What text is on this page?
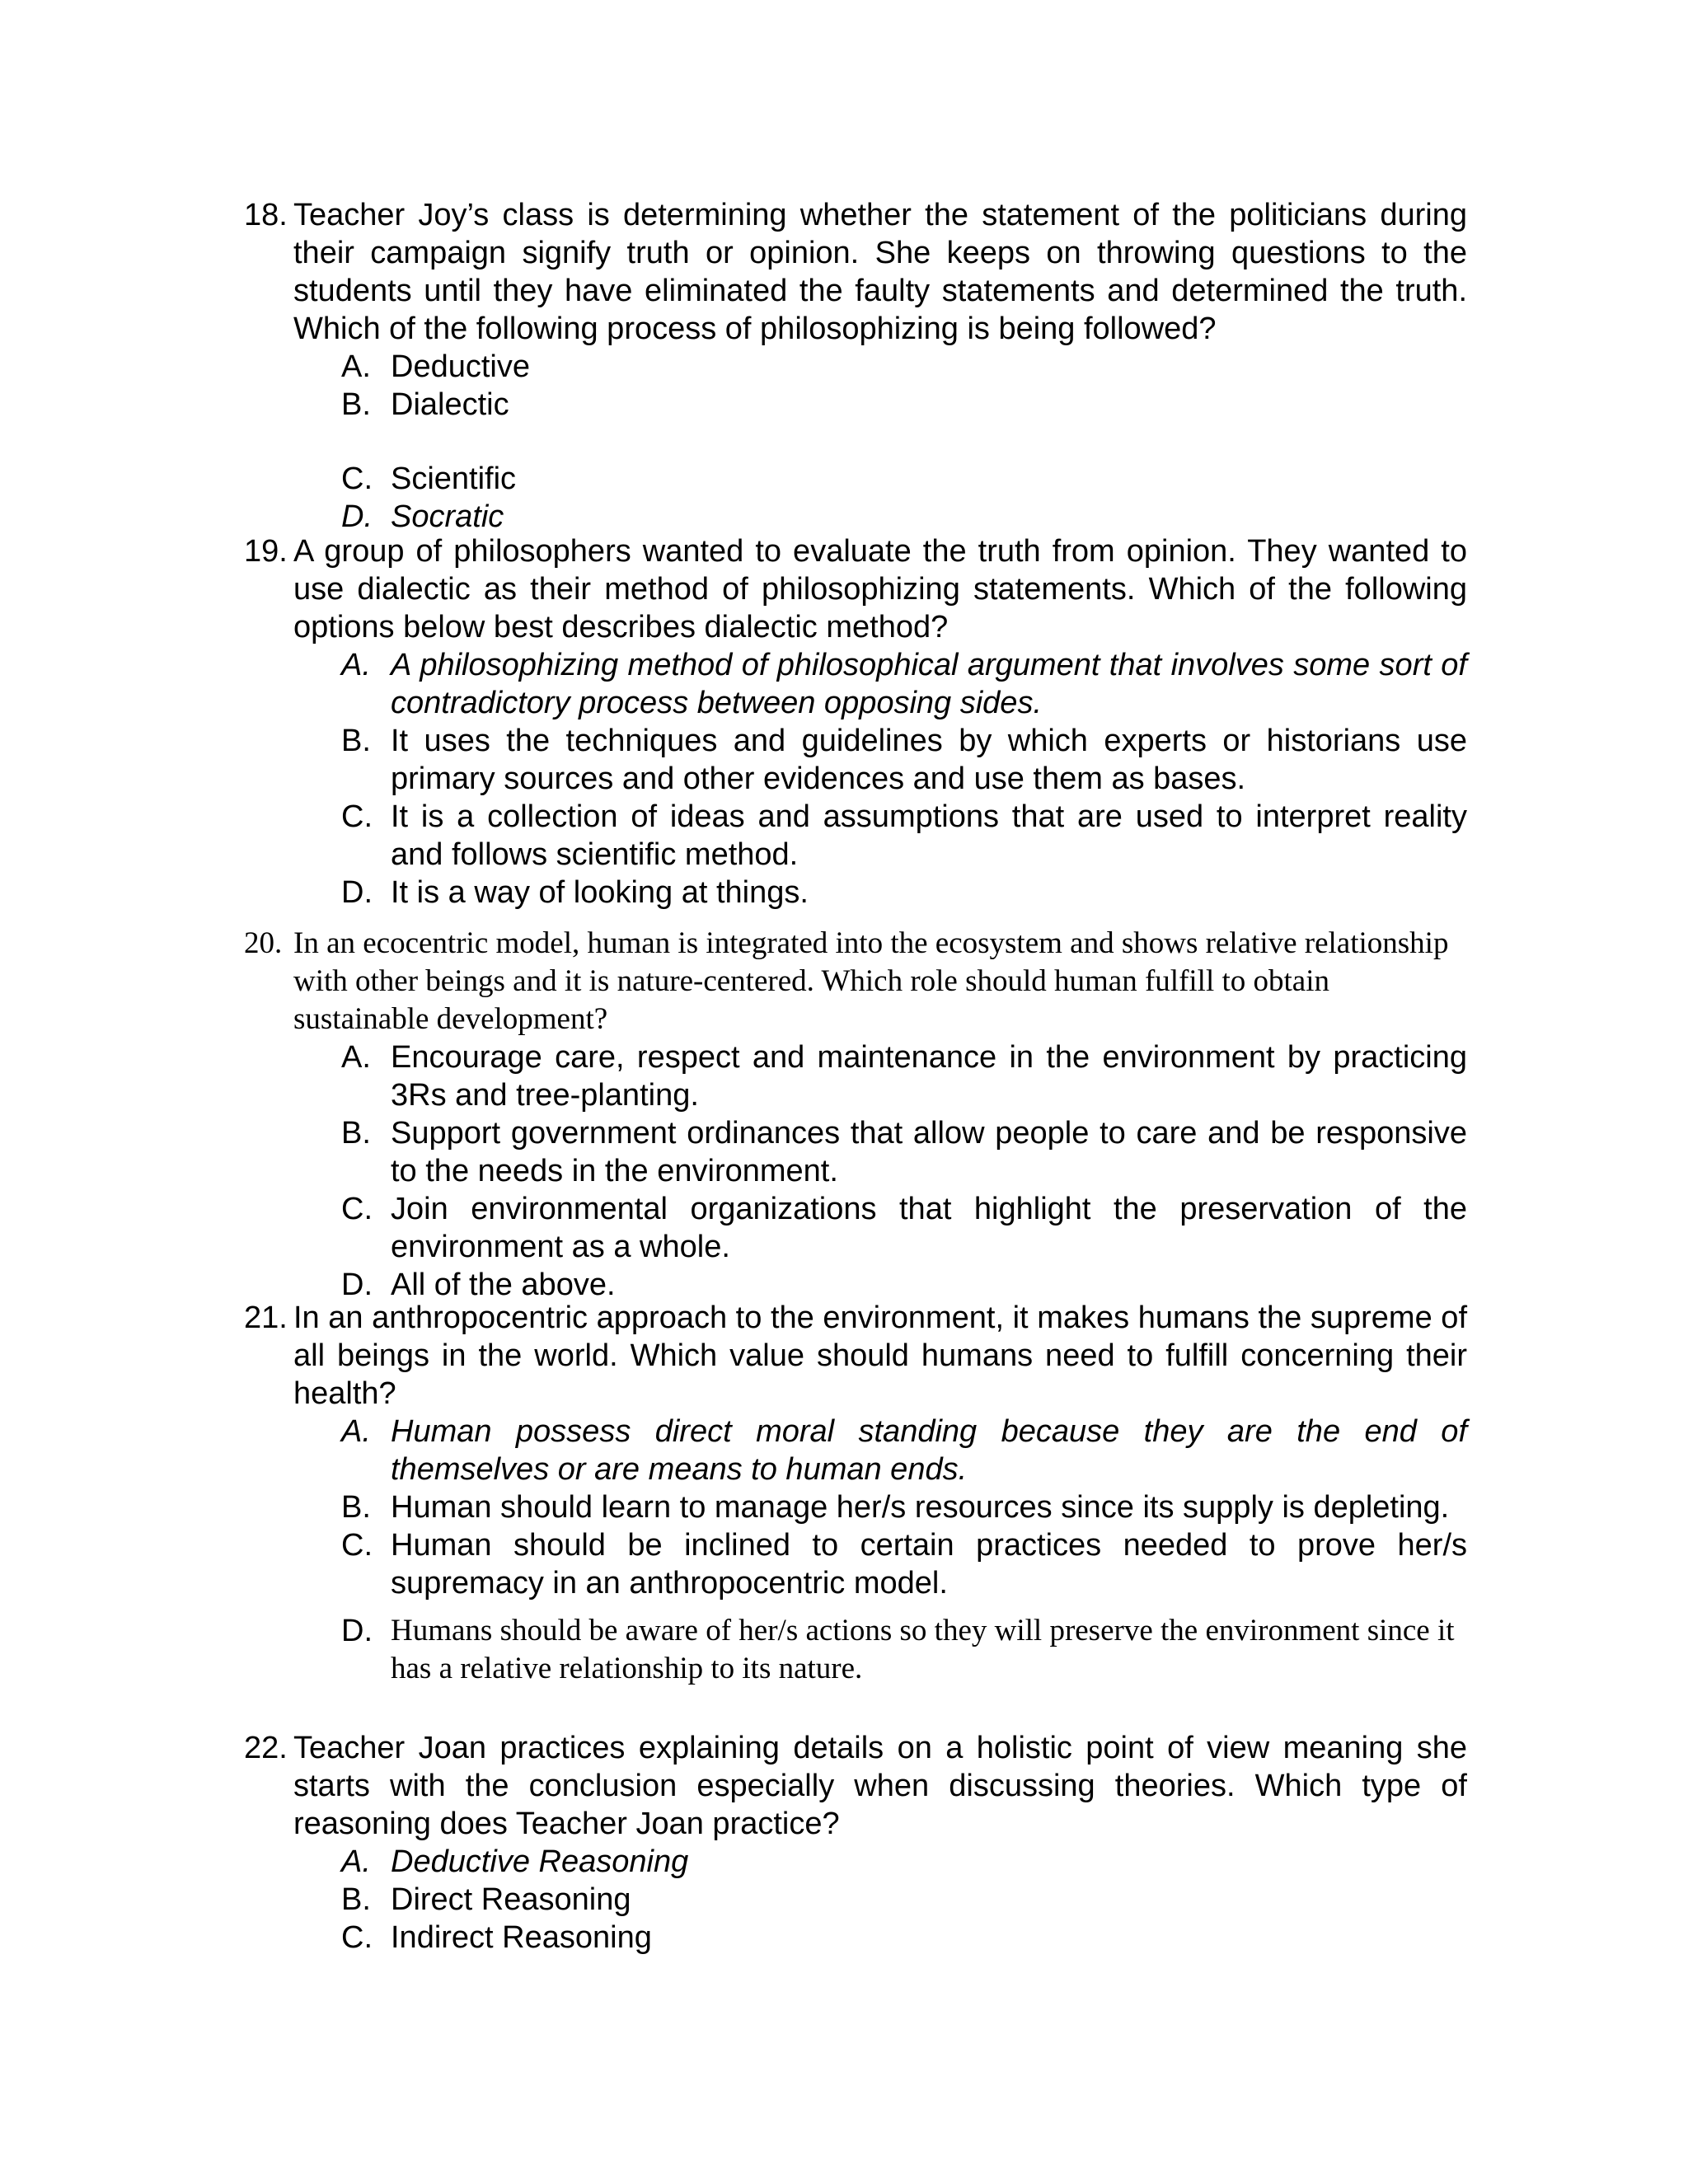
18. Teacher Joy’s class is determining whether the statement of the politicians during their campaign signify truth or opinion. She keeps on throwing questions to the students until they have eliminated the faulty statements and determined the truth. Which of the following process of philosophizing is being followed?
A. Deductive
B. Dialectic
C. Scientific
D. Socratic
19. A group of philosophers wanted to evaluate the truth from opinion. They wanted to use dialectic as their method of philosophizing statements. Which of the following options below best describes dialectic method?
A. A philosophizing method of philosophical argument that involves some sort of contradictory process between opposing sides.
B. It uses the techniques and guidelines by which experts or historians use primary sources and other evidences and use them as bases.
C. It is a collection of ideas and assumptions that are used to interpret reality and follows scientific method.
D. It is a way of looking at things.
20. In an ecocentric model, human is integrated into the ecosystem and shows relative relationship with other beings and it is nature-centered. Which role should human fulfill to obtain sustainable development?
A. Encourage care, respect and maintenance in the environment by practicing 3Rs and tree-planting.
B. Support government ordinances that allow people to care and be responsive to the needs in the environment.
C. Join environmental organizations that highlight the preservation of the environment as a whole.
D. All of the above.
21. In an anthropocentric approach to the environment, it makes humans the supreme of all beings in the world. Which value should humans need to fulfill concerning their health?
A. Human possess direct moral standing because they are the end of themselves or are means to human ends.
B. Human should learn to manage her/s resources since its supply is depleting.
C. Human should be inclined to certain practices needed to prove her/s supremacy in an anthropocentric model.
D. Humans should be aware of her/s actions so they will preserve the environment since it has a relative relationship to its nature.
22. Teacher Joan practices explaining details on a holistic point of view meaning she starts with the conclusion especially when discussing theories. Which type of reasoning does Teacher Joan practice?
A. Deductive Reasoning
B. Direct Reasoning
C. Indirect Reasoning
